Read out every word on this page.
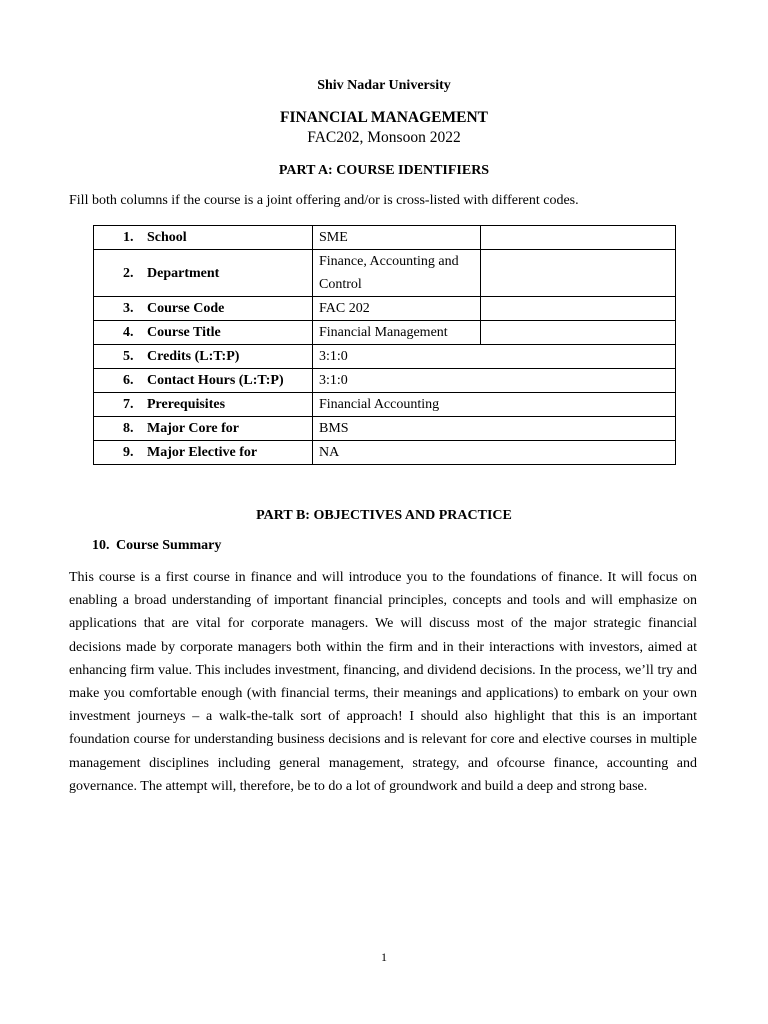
Shiv Nadar University
FINANCIAL MANAGEMENT
FAC202, Monsoon 2022
PART A: COURSE IDENTIFIERS
Fill both columns if the course is a joint offering and/or is cross-listed with different codes.
1. School	SME	
2. Department	Finance, Accounting and Control	
3. Course Code	FAC 202	
4. Course Title	Financial Management	
5. Credits (L:T:P)	3:1:0	
6. Contact Hours (L:T:P)	3:1:0	
7. Prerequisites	Financial Accounting	
8. Major Core for	BMS	
9. Major Elective for	NA	
PART B: OBJECTIVES AND PRACTICE
10. Course Summary
This course is a first course in finance and will introduce you to the foundations of finance. It will focus on enabling a broad understanding of important financial principles, concepts and tools and will emphasize on applications that are vital for corporate managers. We will discuss most of the major strategic financial decisions made by corporate managers both within the firm and in their interactions with investors, aimed at enhancing firm value. This includes investment, financing, and dividend decisions. In the process, we’ll try and make you comfortable enough (with financial terms, their meanings and applications) to embark on your own investment journeys – a walk-the-talk sort of approach! I should also highlight that this is an important foundation course for understanding business decisions and is relevant for core and elective courses in multiple management disciplines including general management, strategy, and ofcourse finance, accounting and governance. The attempt will, therefore, be to do a lot of groundwork and build a deep and strong base.
1
